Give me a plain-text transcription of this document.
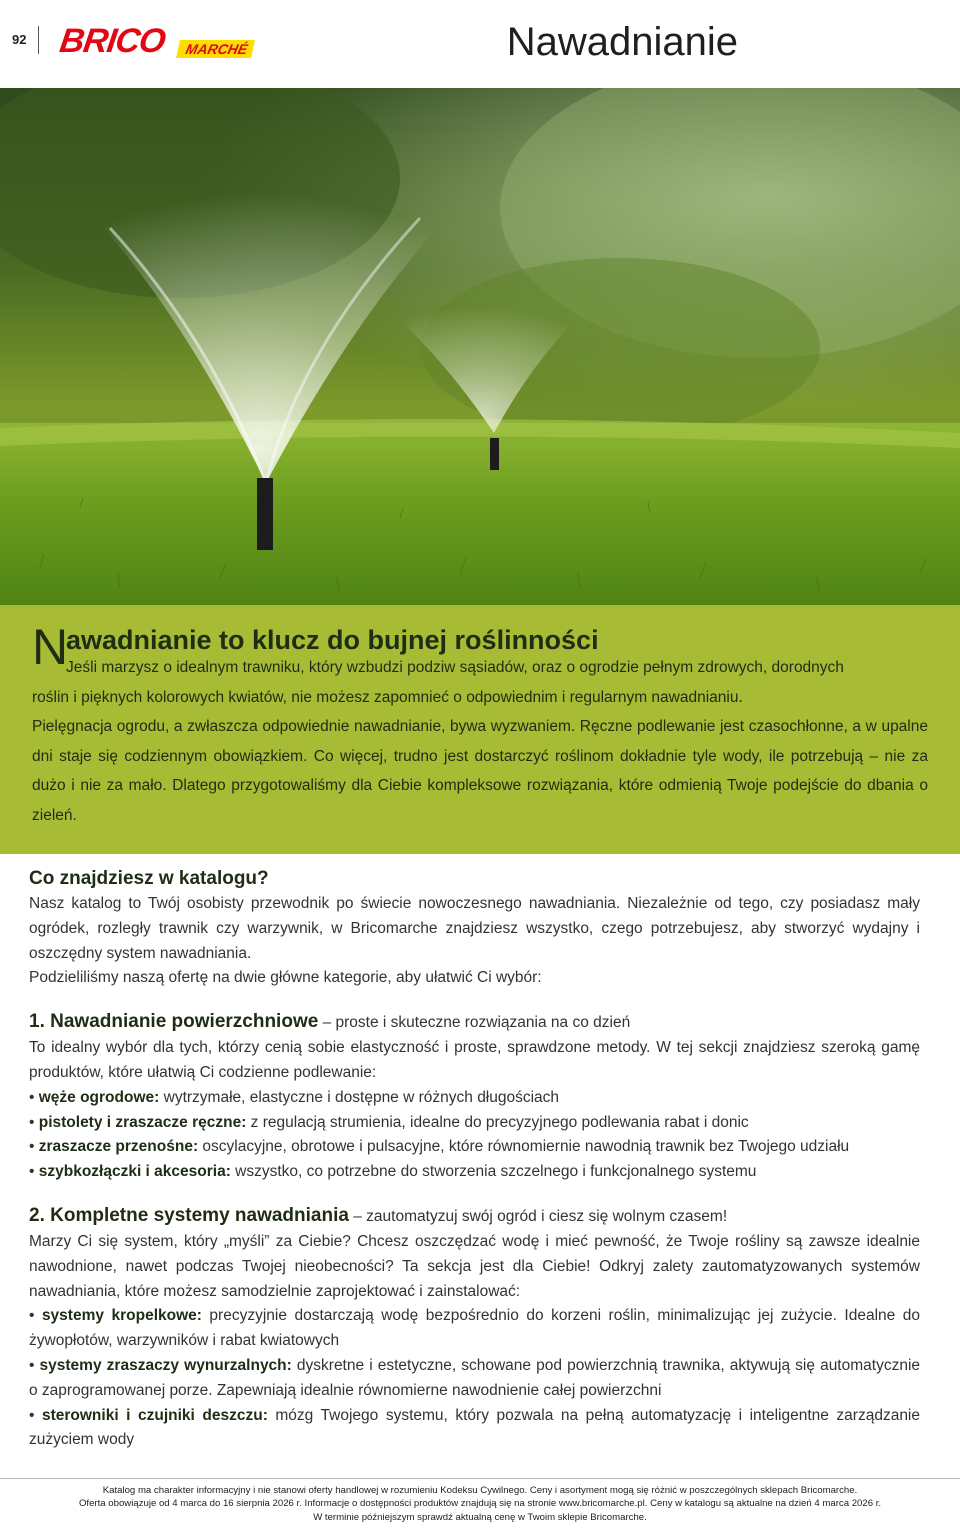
92 BRICO	MARCHÉ	Nawadnianie
N
awadnianie to klucz do bujnej roślinności
Jeśli marzysz o idealnym trawniku, który wzbudzi podziw sąsiadów, oraz o ogrodzie pełnym zdrowych, dorodnych
roślin i pięknych kolorowych kwiatów, nie możesz zapomnieć o odpowiednim i regularnym nawadnianiu.
Pielęgnacja ogrodu, a zwłaszcza odpowiednie nawadnianie, bywa wyzwaniem. Ręczne podlewanie jest czasochłonne, a w upalne dni staje się codziennym obowiązkiem. Co więcej, trudno jest dostarczyć roślinom dokładnie tyle wody, ile potrzebują – nie za dużo i nie za mało. Dlatego przygotowaliśmy dla Ciebie kompleksowe rozwiązania, które odmienią Twoje podejście do dbania o zieleń.
Co znajdziesz w katalogu?
Nasz katalog to Twój osobisty przewodnik po świecie nowoczesnego nawadniania. Niezależnie od tego, czy posiadasz mały ogródek, rozległy trawnik czy warzywnik, w Bricomarche znajdziesz wszystko, czego potrzebujesz, aby stworzyć wydajny i oszczędny system nawadniania.
Podzieliliśmy naszą ofertę na dwie główne kategorie, aby ułatwić Ci wybór:
1. Nawadnianie powierzchniowe – proste i skuteczne rozwiązania na co dzień
To idealny wybór dla tych, którzy cenią sobie elastyczność i proste, sprawdzone metody. W tej sekcji znajdziesz szeroką gamę produktów, które ułatwią Ci codzienne podlewanie:
• węże ogrodowe: wytrzymałe, elastyczne i dostępne w różnych długościach
• pistolety i zraszacze ręczne: z regulacją strumienia, idealne do precyzyjnego podlewania rabat i donic
• zraszacze przenośne: oscylacyjne, obrotowe i pulsacyjne, które równomiernie nawodnią trawnik bez Twojego udziału
• szybkozłączki i akcesoria: wszystko, co potrzebne do stworzenia szczelnego i funkcjonalnego systemu
2. Kompletne systemy nawadniania – zautomatyzuj swój ogród i ciesz się wolnym czasem!
Marzy Ci się system, który „myśli” za Ciebie? Chcesz oszczędzać wodę i mieć pewność, że Twoje rośliny są zawsze idealnie nawodnione, nawet podczas Twojej nieobecności? Ta sekcja jest dla Ciebie! Odkryj zalety zautomatyzowanych systemów nawadniania, które możesz samodzielnie zaprojektować i zainstalować:
• systemy kropelkowe: precyzyjnie dostarczają wodę bezpośrednio do korzeni roślin, minimalizując jej zużycie. Idealne do żywopłotów, warzywników i rabat kwiatowych
• systemy zraszaczy wynurzalnych: dyskretne i estetyczne, schowane pod powierzchnią trawnika, aktywują się automatycznie o zaprogramowanej porze. Zapewniają idealnie równomierne nawodnienie całej powierzchni
• sterowniki i czujniki deszczu: mózg Twojego systemu, który pozwala na pełną automatyzację i inteligentne zarządzanie zużyciem wody
Katalog ma charakter informacyjny i nie stanowi oferty handlowej w rozumieniu Kodeksu Cywilnego. Ceny i asortyment mogą się różnić w poszczególnych sklepach Bricomarche.
Oferta obowiązuje od 4 marca do 16 sierpnia 2026 r. Informacje o dostępności produktów znajdują się na stronie www.bricomarche.pl. Ceny w katalogu są aktualne na dzień 4 marca 2026 r.
W terminie późniejszym sprawdź aktualną cenę w Twoim sklepie Bricomarche.
